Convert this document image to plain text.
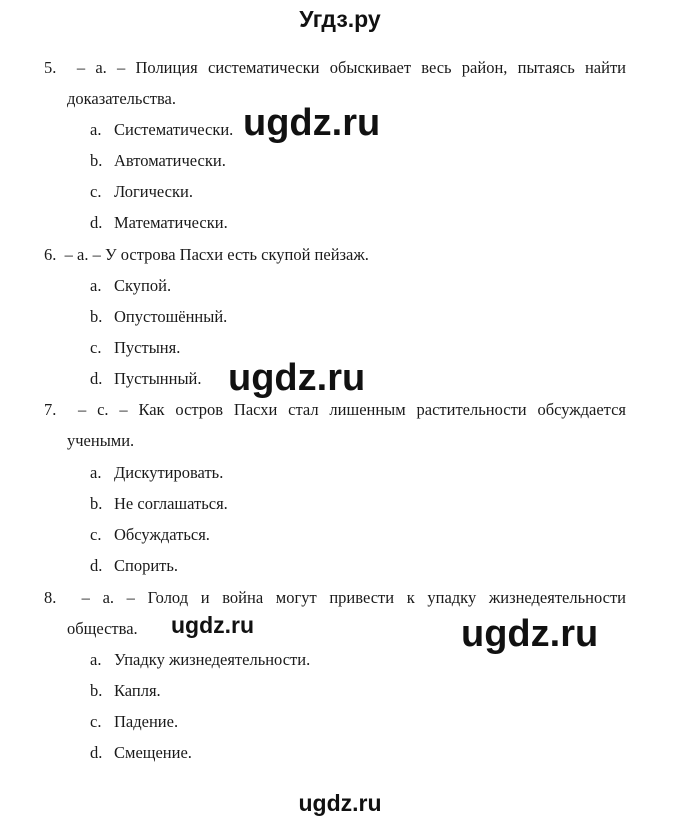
Угдз.ру
5.  – a. – Полиция систематически обыскивает весь район, пытаясь найти
доказательства.
a. Систематически.
b. Автоматически.
c. Логически.
d. Математически.
6.  – a. – У острова Пасхи есть скупой пейзаж.
a. Скупой.
b. Опустошённый.
c. Пустыня.
d. Пустынный.
7.  – c. – Как остров Пасхи стал лишенным растительности обсуждается
учеными.
a. Дискутировать.
b. Не соглашаться.
c. Обсуждаться.
d. Спорить.
8.  – a. – Голод и война могут привести к упадку жизнедеятельности
общества.
a. Упадку жизнедеятельности.
b. Капля.
c. Падение.
d. Смещение.
ugdz.ru
ugdz.ru
ugdz.ru	ugdz.ru
ugdz.ru
